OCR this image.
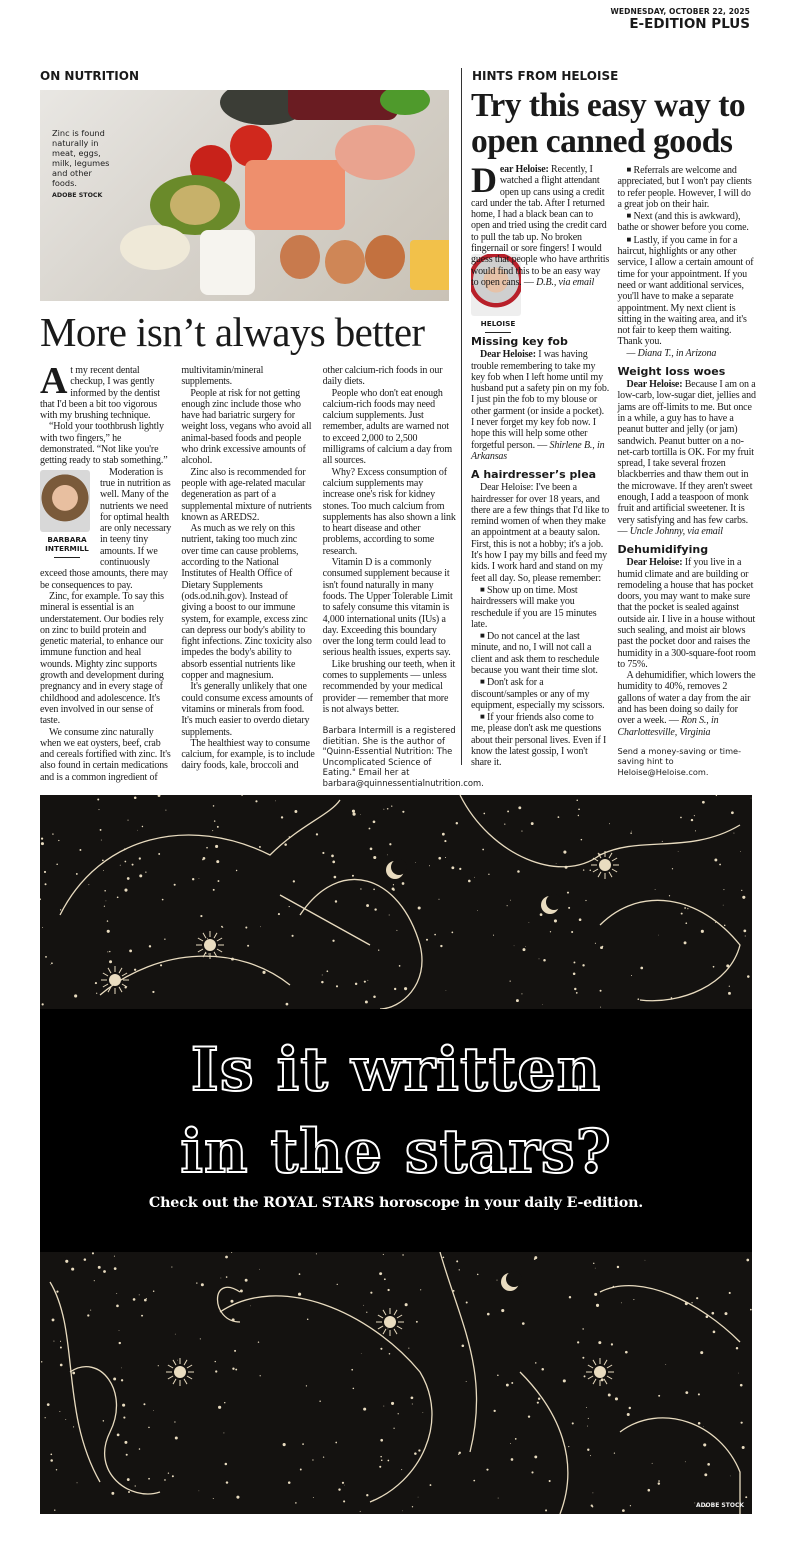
WEDNESDAY, OCTOBER 22, 2025
E-EDITION PLUS
ON NUTRITION	HINTS FROM HELOISE
Zinc is found naturally in meat, eggs, milk, legumes and other foods.
ADOBE STOCK
More isn’t always better

At my recent dental checkup, I was gently informed by the dentist that I'd been a bit too vigorous with my brushing technique.

“Hold your toothbrush lightly with two fingers,” he demonstrated. “Not like you're getting ready to stab something.”

BARBARA
INTERMILL

Moderation is true in nutrition as well. Many of the nutrients we need for optimal health are only necessary in teeny tiny amounts. If we continuously exceed those amounts, there may be consequences to pay.

Zinc, for example. To say this mineral is essential is an understatement. Our bodies rely on zinc to build protein and genetic material, to enhance our immune function and heal wounds. Mighty zinc supports growth and development during pregnancy and in every stage of childhood and adolescence. It's even involved in our sense of taste.

We consume zinc naturally when we eat oysters, beef, crab and cereals fortified with zinc. It's also found in certain medications and is a common ingredient of multivitamin/mineral supplements.

People at risk for not getting enough zinc include those who have had bariatric surgery for weight loss, vegans who avoid all animal-based foods and people who drink excessive amounts of alcohol.

Zinc also is recommended for people with age-related macular degeneration as part of a supplemental mixture of nutrients known as AREDS2.

As much as we rely on this nutrient, taking too much zinc over time can cause problems, according to the National Institutes of Health Office of Dietary Supplements (ods.od.nih.gov). Instead of giving a boost to our immune system, for example, excess zinc can depress our body's ability to fight infections. Zinc toxicity also impedes the body's ability to absorb essential nutrients like copper and magnesium.

It's generally unlikely that one could consume excess amounts of vitamins or minerals from food. It's much easier to overdo dietary supplements.

The healthiest way to consume calcium, for example, is to include dairy foods, kale, broccoli and other calcium-rich foods in our daily diets.

People who don't eat enough calcium-rich foods may need calcium supplements. Just remember, adults are warned not to exceed 2,000 to 2,500 milligrams of calcium a day from all sources.

Why? Excess consumption of calcium supplements may increase one's risk for kidney stones. Too much calcium from supplements has also shown a link to heart disease and other problems, according to some research.

Vitamin D is a commonly consumed supplement because it isn't found naturally in many foods. The Upper Tolerable Limit to safely consume this vitamin is 4,000 international units (IUs) a day. Exceeding this boundary over the long term could lead to serious health issues, experts say.

Like brushing our teeth, when it comes to supplements — unless recommended by your medical provider — remember that more is not always better.

Barbara Intermill is a registered dietitian. She is the author of "Quinn-Essential Nutrition: The Uncomplicated Science of Eating." Email her at barbara@quinnessentialnutrition.com.

Try this easy way to open canned goods

Dear Heloise: Recently, I watched a flight attendant open up cans using a credit card under the tab. After I returned home, I had a black bean can to open and tried using the credit card to pull the tab up. No broken fingernail or sore fingers! I would guess that people who have arthritis would find this to be an easy way to open cans. — D.B., via email

HELOISE
Missing key fob

Dear Heloise: I was having trouble remembering to take my key fob when I left home until my husband put a safety pin on my fob. I just pin the fob to my blouse or other garment (or inside a pocket). I never forget my key fob now. I hope this will help some other forgetful person. — Shirlene B., in Arkansas

A hairdresser’s plea

Dear Heloise: I've been a hairdresser for over 18 years, and there are a few things that I'd like to remind women of when they make an appointment at a beauty salon. First, this is not a hobby; it's a job. It's how I pay my bills and feed my kids. I work hard and stand on my feet all day. So, please remember:

■ Show up on time. Most hairdressers will make you reschedule if you are 15 minutes late.

■ Do not cancel at the last minute, and no, I will not call a client and ask them to reschedule because you want their time slot.

■ Don't ask for a discount/samples or any of my equipment, especially my scissors.

■ If your friends also come to me, please don't ask me questions about their personal lives. Even if I know the latest gossip, I won't share it.

■ Referrals are welcome and appreciated, but I won't pay clients to refer people. However, I will do a great job on their hair.

■ Next (and this is awkward), bathe or shower before you come.

■ Lastly, if you came in for a haircut, highlights or any other service, I allow a certain amount of time for your appointment. If you need or want additional services, you'll have to make a separate appointment. My next client is sitting in the waiting area, and it's not fair to keep them waiting. Thank you.

— Diana T., in Arizona

Weight loss woes

Dear Heloise: Because I am on a low-carb, low-sugar diet, jellies and jams are off-limits to me. But once in a while, a guy has to have a peanut butter and jelly (or jam) sandwich. Peanut butter on a no-net-carb tortilla is OK. For my fruit spread, I take several frozen blackberries and thaw them out in the microwave. If they aren't sweet enough, I add a teaspoon of monk fruit and artificial sweetener. It is very satisfying and has few carbs. — Uncle Johnny, via email

Dehumidifying

Dear Heloise: If you live in a humid climate and are building or remodeling a house that has pocket doors, you may want to make sure that the pocket is sealed against outside air. I live in a house without such sealing, and moist air blows past the pocket door and raises the humidity in a 300-square-foot room to 75%.

A dehumidifier, which lowers the humidity to 40%, removes 2 gallons of water a day from the air and has been doing so daily for over a week. — Ron S., in Charlottesville, Virginia

Send a money-saving or time-saving hint to Heloise@Heloise.com.

Is it written
in the stars?
Check out the ROYAL STARS horoscope in your daily E-edition.
ADOBE STOCK
